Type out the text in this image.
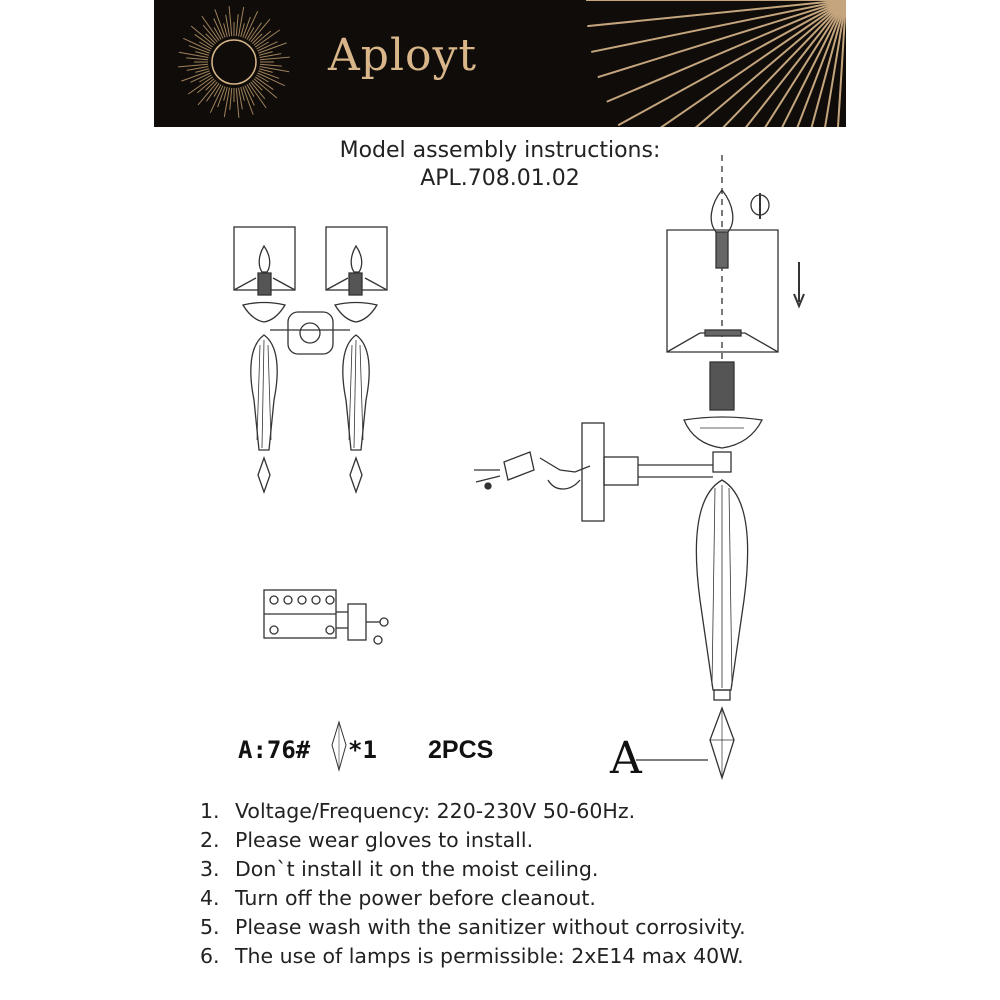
Aployt
Model assembly instructions:
APL.708.01.02
A:76# *1 2PCS	A
1. Voltage/Frequency: 220-230V 50-60Hz.
2. Please wear gloves to install.
3. Don`t install it on the moist ceiling.
4. Turn off the power before cleanout.
5. Please wash with the sanitizer without corrosivity.
6. The use of lamps is permissible: 2xE14 max 40W.
